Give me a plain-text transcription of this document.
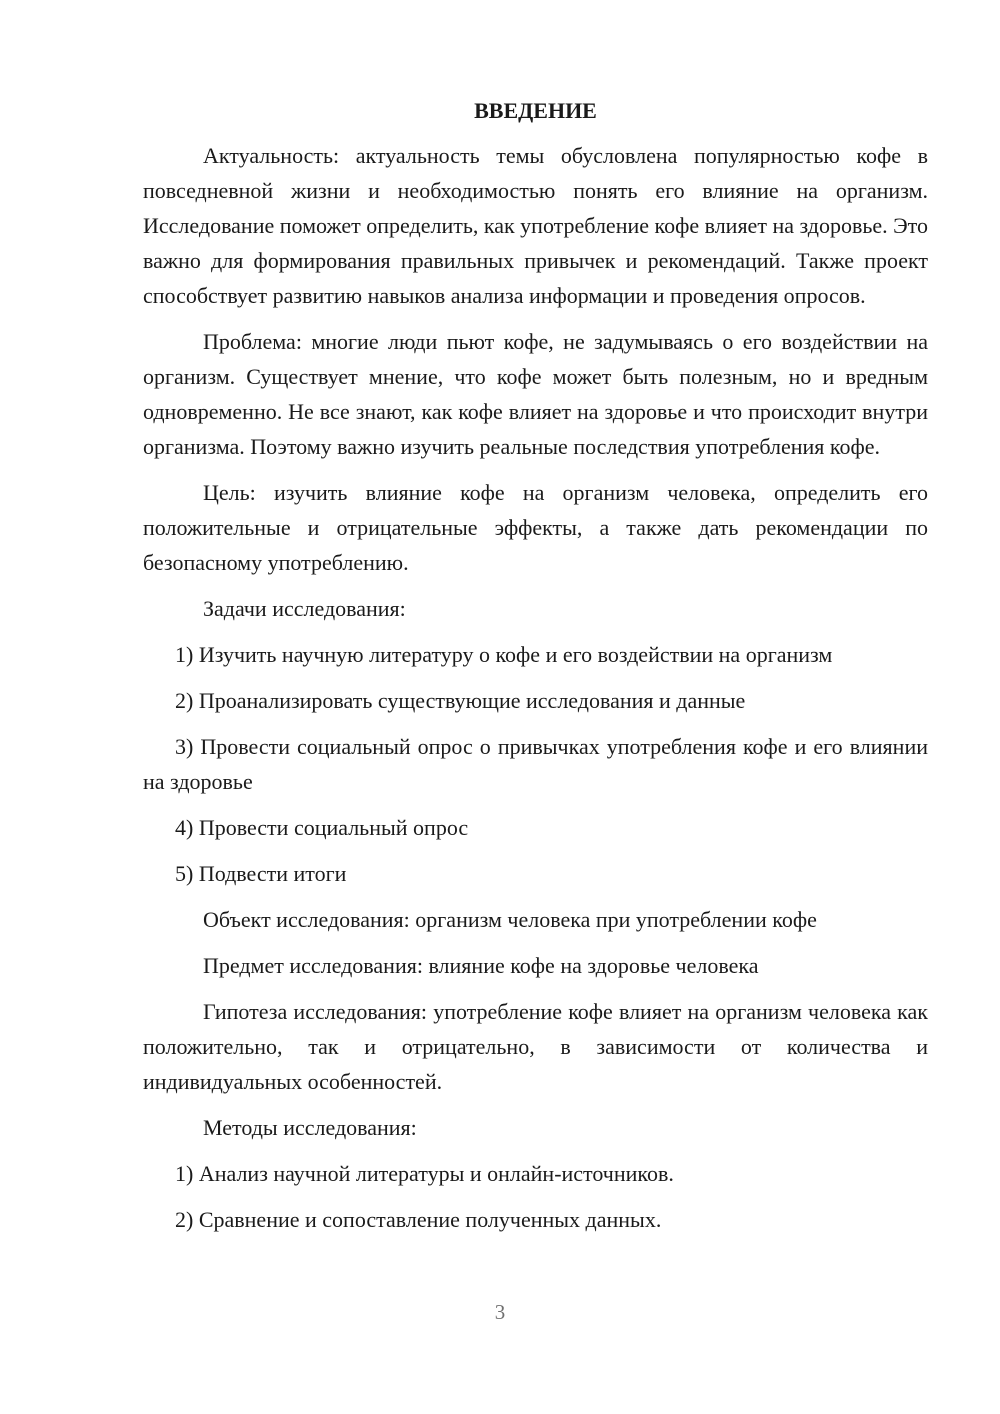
ВВЕДЕНИЕ
Актуальность: актуальность темы обусловлена популярностью кофе в повседневной жизни и необходимостью понять его влияние на организм. Исследование поможет определить, как употребление кофе влияет на здоровье. Это важно для формирования правильных привычек и рекомендаций. Также проект способствует развитию навыков анализа информации и проведения опросов.
Проблема: многие люди пьют кофе, не задумываясь о его воздействии на организм. Существует мнение, что кофе может быть полезным, но и вредным одновременно. Не все знают, как кофе влияет на здоровье и что происходит внутри организма. Поэтому важно изучить реальные последствия употребления кофе.
Цель: изучить влияние кофе на организм человека, определить его положительные и отрицательные эффекты, а также дать рекомендации по безопасному употреблению.
Задачи исследования:
1) Изучить научную литературу о кофе и его воздействии на организм
2) Проанализировать существующие исследования и данные
3) Провести социальный опрос о привычках употребления кофе и его влиянии на здоровье
4) Провести социальный опрос
5) Подвести итоги
Объект исследования: организм человека при употреблении кофе
Предмет исследования: влияние кофе на здоровье человека
Гипотеза исследования: употребление кофе влияет на организм человека как положительно, так и отрицательно, в зависимости от количества и индивидуальных особенностей.
Методы исследования:
1) Анализ научной литературы и онлайн-источников.
2) Сравнение и сопоставление полученных данных.
3
